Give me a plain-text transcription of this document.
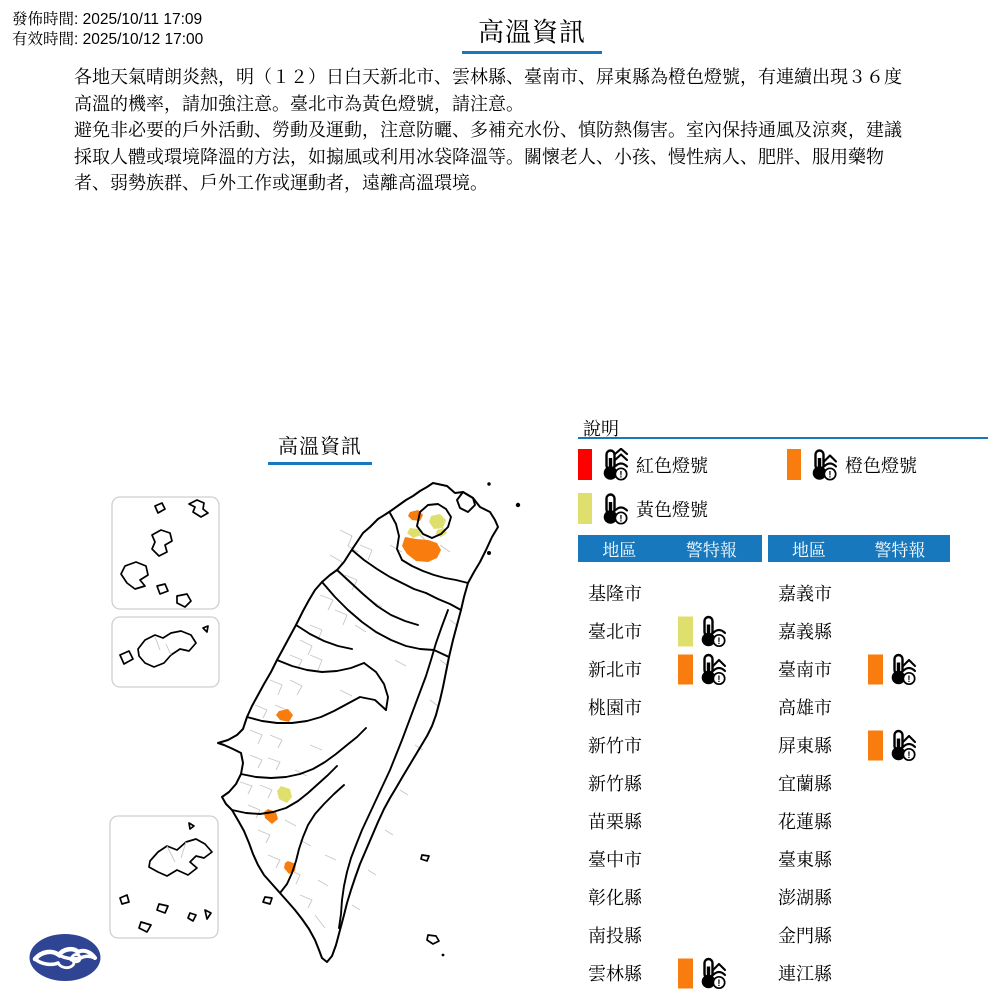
發佈時間: 2025/10/11 17:09
有效時間: 2025/10/12 17:00	高溫資訊

各地天氣晴朗炎熱，明（１２）日白天新北市、雲林縣、臺南市、屏東縣為橙色燈號，有連續出現３６度高溫的機率，請加強注意。臺北市為黃色燈號，請注意。

避免非必要的戶外活動、勞動及運動，注意防曬、多補充水份、慎防熱傷害。室內保持通風及涼爽，建議採取人體或環境降溫的方法，如搧風或利用冰袋降溫等。關懷老人、小孩、慢性病人、肥胖、服用藥物者、弱勢族群、戶外工作或運動者，遠離高溫環境。

高溫資訊
說明
! 紅色燈號	! 橙色燈號
! 黃色燈號
地區	警特報
基隆市
臺北市	!
新北市	!
桃園市
新竹市
新竹縣
苗栗縣
臺中市
彰化縣
南投縣
雲林縣	!
地區	警特報
嘉義市
嘉義縣
臺南市	!
高雄市
屏東縣	!
宜蘭縣
花蓮縣
臺東縣
澎湖縣
金門縣
連江縣
